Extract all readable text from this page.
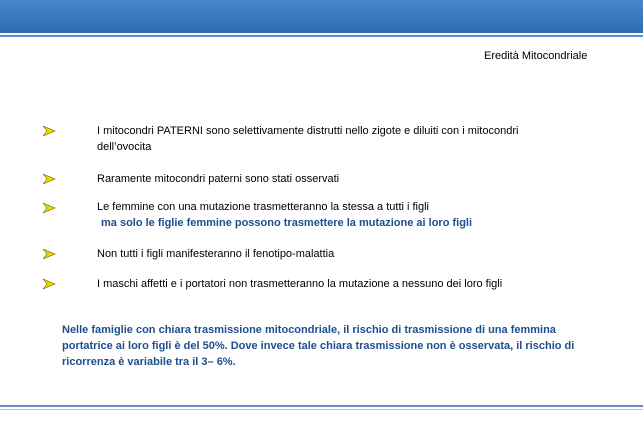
Eredità Mitocondriale
I mitocondri PATERNI sono selettivamente distrutti nello zigote e diluiti con i mitocondri
dell’ovocita
Raramente mitocondri paterni sono stati osservati
Le femmine con una mutazione trasmetteranno la stessa a tutti i figli
ma solo le figlie femmine possono trasmettere la mutazione ai loro figli
Non tutti i figli manifesteranno il fenotipo-malattia
I maschi affetti e i portatori non trasmetteranno la mutazione a nessuno dei loro figli
Nelle famiglie con chiara trasmissione mitocondriale, il rischio di trasmissione di una femmina portatrice ai loro figli è del 50%. Dove invece tale chiara trasmissione non è osservata, il rischio di ricorrenza è variabile tra il 3– 6%.
